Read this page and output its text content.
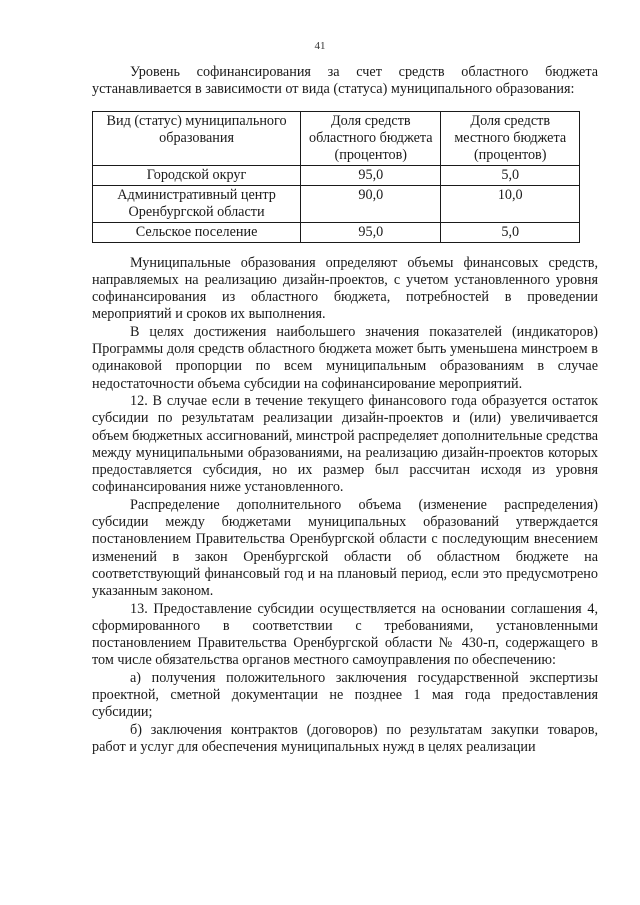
41

Уровень софинансирования за счет средств областного бюджета устанавливается в зависимости от вида (статуса) муниципального образования:

Вид (статус) муниципального образования	Доля средств областного бюджета (процентов)	Доля средств местного бюджета (процентов)
Городской округ	95,0	5,0
Административный центр Оренбургской области	90,0	10,0
Сельское поселение	95,0	5,0

Муниципальные образования определяют объемы финансовых средств, направляемых на реализацию дизайн-проектов, с учетом установленного уровня софинансирования из областного бюджета, потребностей в проведении мероприятий и сроков их выполнения.

В целях достижения наибольшего значения показателей (индикаторов) Программы доля средств областного бюджета может быть уменьшена минстроем в одинаковой пропорции по всем муниципальным образованиям в случае недостаточности объема субсидии на софинансирование мероприятий.

12. В случае если в течение текущего финансового года образуется остаток субсидии по результатам реализации дизайн-проектов и (или) увеличивается объем бюджетных ассигнований, минстрой распределяет дополнительные средства между муниципальными образованиями, на реализацию дизайн-проектов которых предоставляется субсидия, но их размер был рассчитан исходя из уровня софинансирования ниже установленного.

Распределение дополнительного объема (изменение распределения) субсидии между бюджетами муниципальных образований утверждается постановлением Правительства Оренбургской области с последующим внесением изменений в закон Оренбургской области об областном бюджете на соответствующий финансовый год и на плановый период, если это предусмотрено указанным законом.

13. Предоставление субсидии осуществляется на основании соглашения 4, сформированного в соответствии с требованиями, установленными постановлением Правительства Оренбургской области № 430-п, содержащего в том числе обязательства органов местного самоуправления по обеспечению:

а) получения положительного заключения государственной экспертизы проектной, сметной документации не позднее 1 мая года предоставления субсидии;

б) заключения контрактов (договоров) по результатам закупки товаров, работ и услуг для обеспечения муниципальных нужд в целях реализации
